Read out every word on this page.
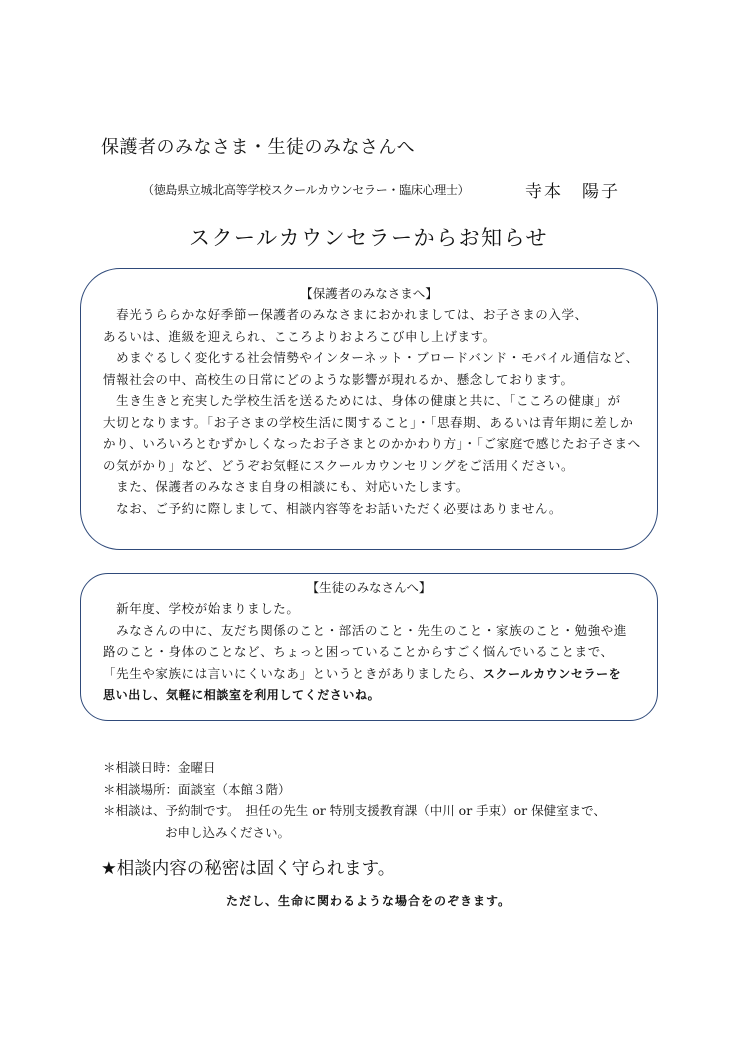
保護者のみなさま・生徒のみなさんへ
（徳島県立城北高等学校スクールカウンセラー・臨床心理士）	寺本　陽子
スクールカウンセラーからお知らせ
【保護者のみなさまへ】
　春光うららかな好季節ー保護者のみなさまにおかれましては、お子さまの入学、
あるいは、進級を迎えられ、こころよりおよろこび申し上げます。
　めまぐるしく変化する社会情勢やインターネット・ブロードバンド・モバイル通信など、
情報社会の中、高校生の日常にどのような影響が現れるか、懸念しております。
　生き生きと充実した学校生活を送るためには、身体の健康と共に、「こころの健康」が
大切となります。「お子さまの学校生活に関すること」・「思春期、あるいは青年期に差しか
かり、いろいろとむずかしくなったお子さまとのかかわり方」・「ご家庭で感じたお子さまへ
の気がかり」など、どうぞお気軽にスクールカウンセリングをご活用ください。
　また、保護者のみなさま自身の相談にも、対応いたします。
　なお、ご予約に際しまして、相談内容等をお話いただく必要はありません。
【生徒のみなさんへ】
　新年度、学校が始まりました。
　みなさんの中に、友だち関係のこと・部活のこと・先生のこと・家族のこと・勉強や進
路のこと・身体のことなど、ちょっと困っていることからすごく悩んでいることまで、
「先生や家族には言いにくいなあ」というときがありましたら、スクールカウンセラーを
思い出し、気軽に相談室を利用してくださいね。
＊相談日時：金曜日
＊相談場所：面談室（本館３階）
＊相談は、予約制です。　担任の先生 or 特別支援教育課（中川 or 手束）or 保健室まで、
お申し込みください。
★相談内容の秘密は固く守られます。
ただし、生命に関わるような場合をのぞきます。
